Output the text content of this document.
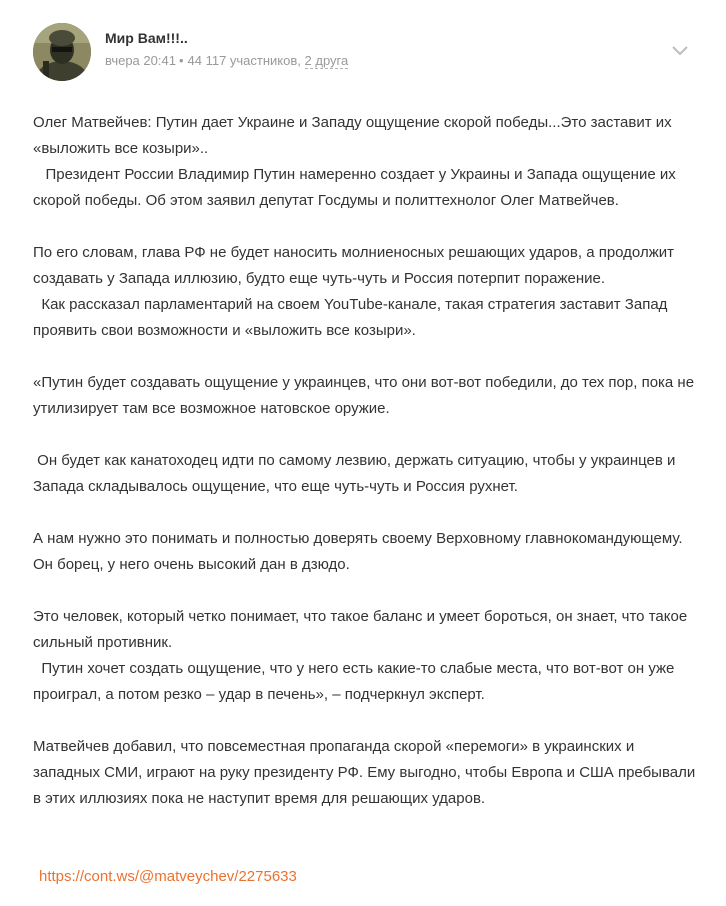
Мир Вам!!!..
вчера 20:41 • 44 117 участников, 2 друга

Олег Матвейчев: Путин дает Украине и Западу ощущение скорой победы...Это заставит их «выложить все козыри»..

Президент России Владимир Путин намеренно создает у Украины и Запада ощущение их скорой победы. Об этом заявил депутат Госдумы и политтехнолог Олег Матвейчев.

По его словам, глава РФ не будет наносить молниеносных решающих ударов, а продолжит создавать у Запада иллюзию, будто еще чуть-чуть и Россия потерпит поражение.

Как рассказал парламентарий на своем YouTube-канале, такая стратегия заставит Запад проявить свои возможности и «выложить все козыри».

«Путин будет создавать ощущение у украинцев, что они вот-вот победили, до тех пор, пока не утилизирует там все возможное натовское оружие.

Он будет как канатоходец идти по самому лезвию, держать ситуацию, чтобы у украинцев и Запада складывалось ощущение, что еще чуть-чуть и Россия рухнет.

А нам нужно это понимать и полностью доверять своему Верховному главнокомандующему. Он борец, у него очень высокий дан в дзюдо.

Это человек, который четко понимает, что такое баланс и умеет бороться, он знает, что такое сильный противник.

Путин хочет создать ощущение, что у него есть какие-то слабые места, что вот-вот он уже проиграл, а потом резко – удар в печень», – подчеркнул эксперт.

Матвейчев добавил, что повсеместная пропаганда скорой «перемоги» в украинских и западных СМИ, играют на руку президенту РФ. Ему выгодно, чтобы Европа и США пребывали в этих иллюзиях пока не наступит время для решающих ударов.

https://cont.ws/@matveychev/2275633
